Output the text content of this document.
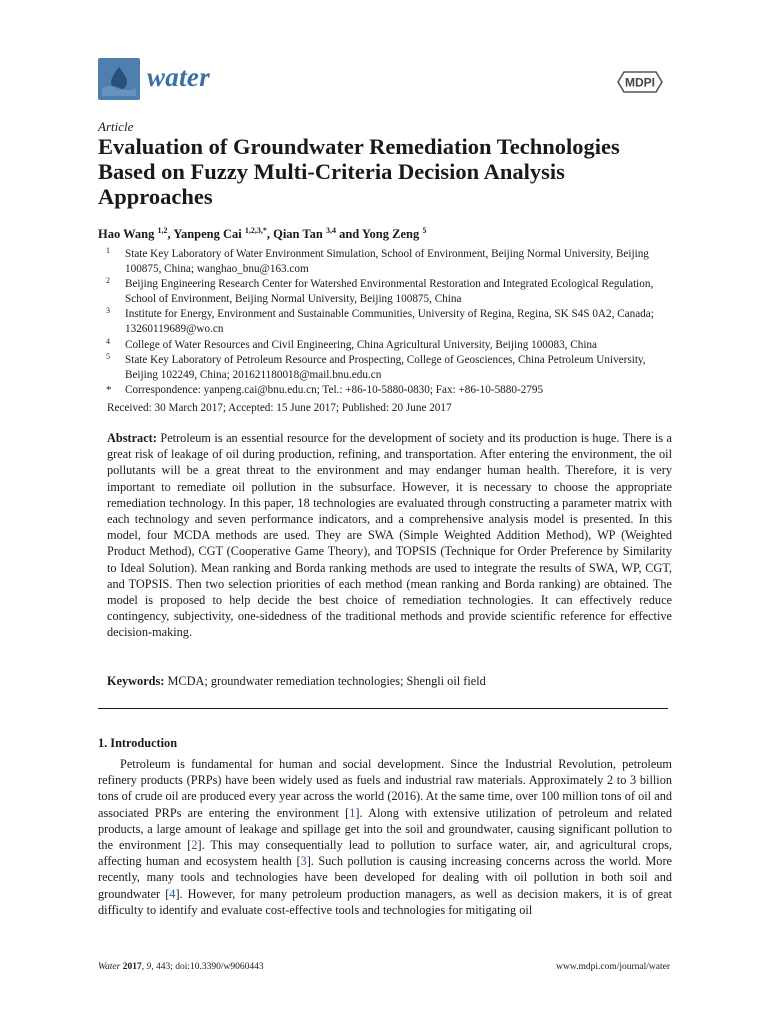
water	MDPI
Article
Evaluation of Groundwater Remediation Technologies Based on Fuzzy Multi-Criteria Decision Analysis Approaches
Hao Wang $^{1,2}$, Yanpeng Cai $^{1,2,3,*}$, Qian Tan $^{3,4}$ and Yong Zeng $^5$
1 State Key Laboratory of Water Environment Simulation, School of Environment, Beijing Normal University, Beijing 100875, China; wanghao_bnu@163.com
2 Beijing Engineering Research Center for Watershed Environmental Restoration and Integrated Ecological Regulation, School of Environment, Beijing Normal University, Beijing 100875, China
3 Institute for Energy, Environment and Sustainable Communities, University of Regina, Regina, SK S4S 0A2, Canada; 13260119689@wo.cn
4 College of Water Resources and Civil Engineering, China Agricultural University, Beijing 100083, China
5 State Key Laboratory of Petroleum Resource and Prospecting, College of Geosciences, China Petroleum University, Beijing 102249, China; 201621180018@mail.bnu.edu.cn
* Correspondence: yanpeng.cai@bnu.edu.cn; Tel.: +86-10-5880-0830; Fax: +86-10-5880-2795
Received: 30 March 2017; Accepted: 15 June 2017; Published: 20 June 2017
Abstract: Petroleum is an essential resource for the development of society and its production is huge. There is a great risk of leakage of oil during production, refining, and transportation. After entering the environment, the oil pollutants will be a great threat to the environment and may endanger human health. Therefore, it is very important to remediate oil pollution in the subsurface. However, it is necessary to choose the appropriate remediation technology. In this paper, 18 technologies are evaluated through constructing a parameter matrix with each technology and seven performance indicators, and a comprehensive analysis model is presented. In this model, four MCDA methods are used. They are SWA (Simple Weighted Addition Method), WP (Weighted Product Method), CGT (Cooperative Game Theory), and TOPSIS (Technique for Order Preference by Similarity to Ideal Solution). Mean ranking and Borda ranking methods are used to integrate the results of SWA, WP, CGT, and TOPSIS. Then two selection priorities of each method (mean ranking and Borda ranking) are obtained. The model is proposed to help decide the best choice of remediation technologies. It can effectively reduce contingency, subjectivity, one-sidedness of the traditional methods and provide scientific reference for effective decision-making.
Keywords: MCDA; groundwater remediation technologies; Shengli oil field
1. Introduction
Petroleum is fundamental for human and social development. Since the Industrial Revolution, petroleum refinery products (PRPs) have been widely used as fuels and industrial raw materials. Approximately 2 to 3 billion tons of crude oil are produced every year across the world (2016). At the same time, over 100 million tons of oil and associated PRPs are entering the environment [1]. Along with extensive utilization of petroleum and related products, a large amount of leakage and spillage get into the soil and groundwater, causing significant pollution to the environment [2]. This may consequentially lead to pollution to surface water, air, and agricultural crops, affecting human and ecosystem health [3]. Such pollution is causing increasing concerns across the world. More recently, many tools and technologies have been developed for dealing with oil pollution in both soil and groundwater [4]. However, for many petroleum production managers, as well as decision makers, it is of great difficulty to identify and evaluate cost-effective tools and technologies for mitigating oil
Water 2017, 9, 443; doi:10.3390/w9060443	www.mdpi.com/journal/water
